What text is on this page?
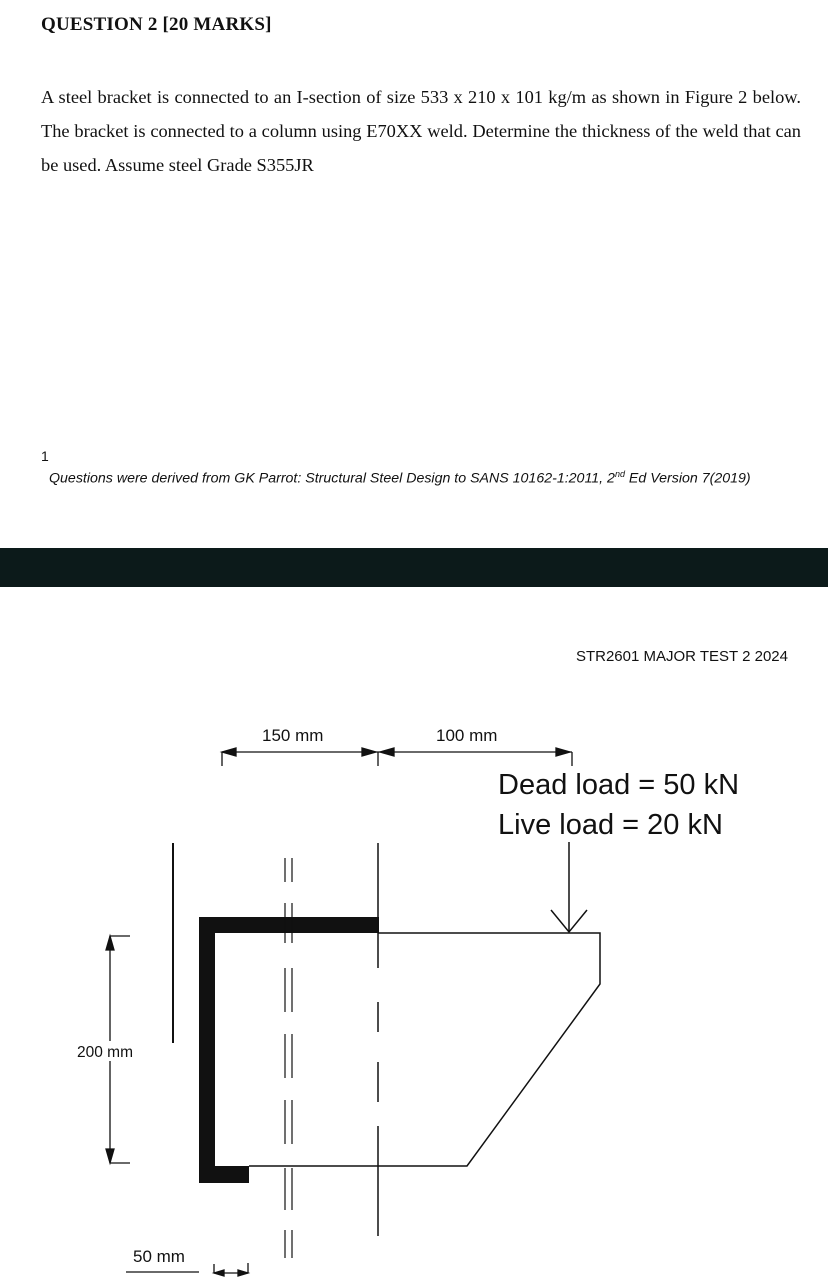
QUESTION 2 [20 MARKS]
A steel bracket is connected to an I-section of size 533 x 210 x 101 kg/m as shown in Figure 2 below. The bracket is connected to a column using E70XX weld. Determine the thickness of the weld that can be used. Assume steel Grade S355JR
1
Questions were derived from GK Parrot: Structural Steel Design to SANS 10162-1:2011, 2nd Ed Version 7(2019)
STR2601 MAJOR TEST 2 2024
150 mm	100 mm
Dead load = 50 kN
Live load = 20 kN
200 mm
50 mm
